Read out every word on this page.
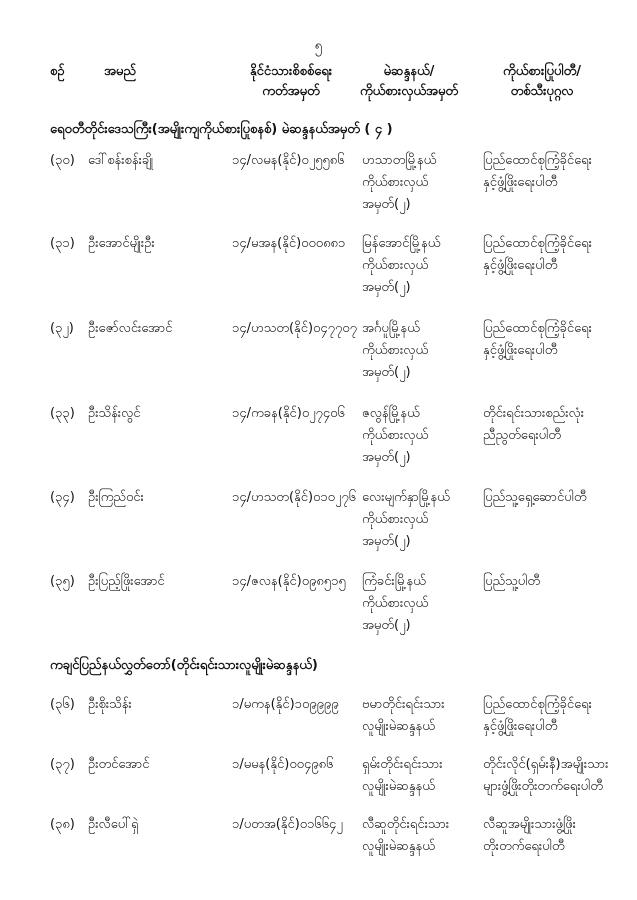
၅
စဉ်	အမည်	နိုင်ငံသားစိစစ်ရေး
ကတ်အမှတ်
မဲဆန္ဒနယ်/
ကိုယ်စားလှယ်အမှတ်
ကိုယ်စားပြုပါတီ/
တစ်သီးပုဂ္ဂလ
ရေဝတီတိုင်းဒေသကြီး(အမျိုးကျကိုယ်စားပြုစနစ်) မဲဆန္ဒနယ်အမှတ် ( ၄ )
(၃၀) ဒေါ်စန်းစန်းချို	၁၄/လမန(နိုင်)၀၂၅၅၈၆ ဟသာတမြို့နယ်
ကိုယ်စားလှယ်
အမှတ်(၂)
ပြည်ထောင်စုကြံ့ခိုင်ရေး
နှင့်ဖွံ့ဖြိုးရေးပါတီ
(၃၁) ဦးအောင်မျိုးဦး	၁၄/မအန(နိုင်)၀၀၀၈၈၁ မြန်အောင်မြို့နယ်
ကိုယ်စားလှယ်
အမှတ်(၂)
ပြည်ထောင်စုကြံ့ခိုင်ရေး
နှင့်ဖွံ့ဖြိုးရေးပါတီ
(၃၂) ဦးဇော်လင်းအောင်	၁၄/ဟသတ(နိုင်)၀၄၇၇၀၇ အင်္ဂပူမြို့နယ်
ကိုယ်စားလှယ်
အမှတ်(၂)
ပြည်ထောင်စုကြံ့ခိုင်ရေး
နှင့်ဖွံ့ဖြိုးရေးပါတီ
(၃၃) ဦးသိန်းလွင်	၁၄/ကခန(နိုင်)၀၂၇၄၀၆ ဇလွန်မြို့နယ်
ကိုယ်စားလှယ်
အမှတ်(၂)
တိုင်းရင်းသားစည်းလုံး
ညီညွတ်ရေးပါတီ
(၃၄) ဦးကြည်ဝင်း	၁၄/ဟသတ(နိုင်)၀၁၀၂၇၆ လေးမျက်နှာမြို့နယ်
ကိုယ်စားလှယ်
အမှတ်(၂)
ပြည်သူ့ရှေ့ဆောင်ပါတီ
(၃၅) ဦးပြည့်ဖြိုးအောင်	၁၄/ဇလန(နိုင်)၀၉၈၅၁၅ ကြံခင်းမြို့နယ်
ကိုယ်စားလှယ်
အမှတ်(၂)
ပြည်သူ့ပါတီ
ကချင်ပြည်နယ်လွှတ်တော်(တိုင်းရင်းသားလူမျိုးမဲဆန္ဒနယ်)
(၃၆) ဦးစိုးသိန်း	၁/မကန(နိုင်)၁၀၉၉၉၉ ဗမာတိုင်းရင်းသား
လူမျိုးမဲဆန္ဒနယ်
ပြည်ထောင်စုကြံ့ခိုင်ရေး
နှင့်ဖွံ့ဖြိုးရေးပါတီ
(၃၇) ဦးတင်အောင်	၁/မမန(နိုင်)၀၀၄၉၈၆ ရှမ်းတိုင်းရင်းသား
လူမျိုးမဲဆန္ဒနယ်
တိုင်းလိုင်(ရှမ်းနီ)အမျိုးသား
များဖွံ့ဖြိုးတိုးတက်ရေးပါတီ
(၃၈) ဦးလီပေါ်ရှဲ	၁/ပတအ(နိုင်)၀၁၆၆၄၂ လီဆူတိုင်းရင်းသား
လူမျိုးမဲဆန္ဒနယ်
လီဆူအမျိုးသားဖွံ့ဖြိုး
တိုးတက်ရေးပါတီ
